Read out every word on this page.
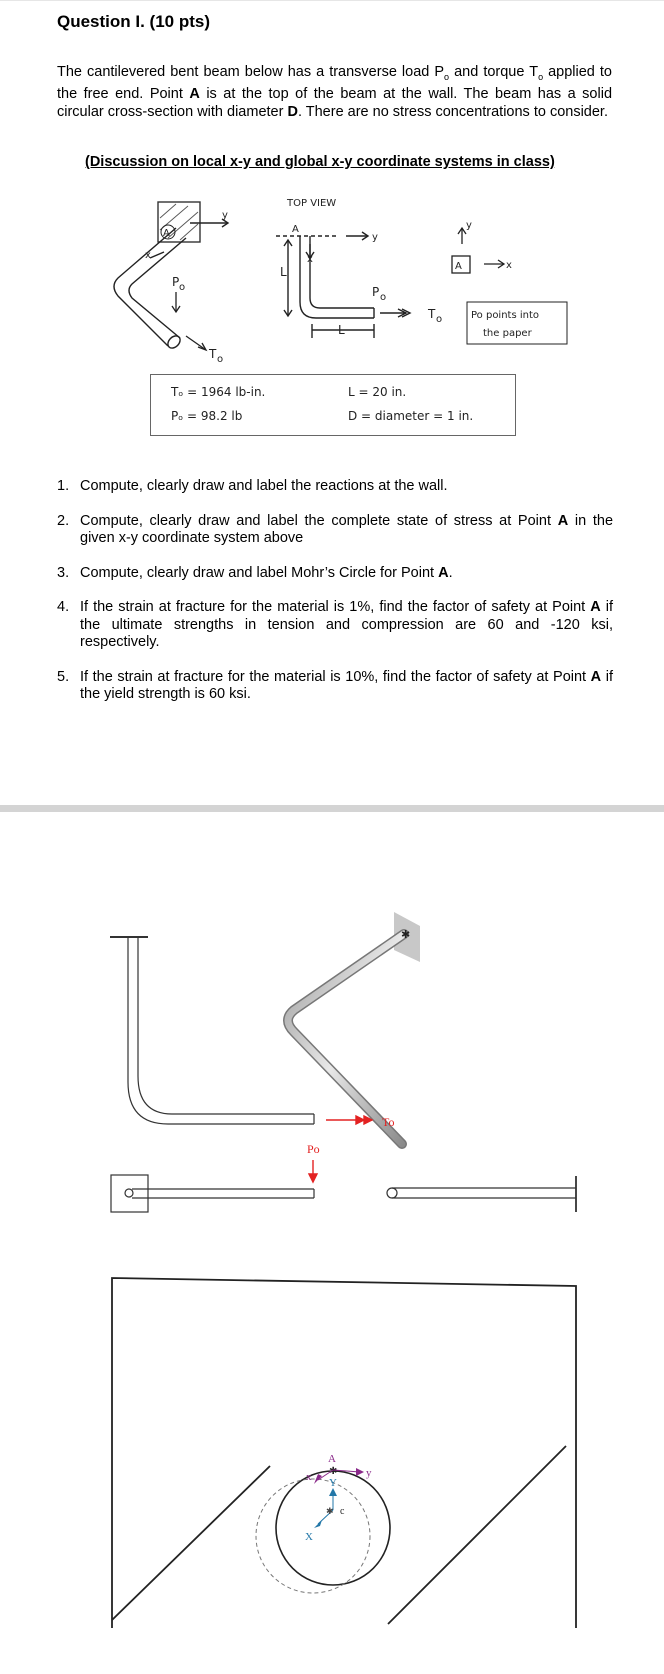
Question I. (10 pts)

The cantilevered bent beam below has a transverse load $P_o$ and torque $T_o$ applied to the free end. Point A is at the top of the beam at the wall. The beam has a solid circular cross-section with diameter D. There are no stress concentrations to consider.

(Discussion on local x-y and global x-y coordinate systems in class)
A
x
y
P o
T o
TOP VIEW
A
x
y
L
L
P o
T o
A
y
x
Po points into
the paper
Tₒ = 1964 lb-in.
Pₒ = 98.2 lb
L = 20 in.
D = diameter = 1 in.
1. Compute, clearly draw and label the reactions at the wall.
2. Compute, clearly draw and label the complete state of stress at Point A in the given x-y coordinate system above
3. Compute, clearly draw and label Mohr’s Circle for Point A.
4. If the strain at fracture for the material is 1%, find the factor of safety at Point A if the ultimate strengths in tension and compression are 60 and -120 ksi, respectively.
5. If the strain at fracture for the material is 10%, find the factor of safety at Point A if the yield strength is 60 ksi.
✱
To
Po
✱
✱
A
y
x Y
X
c
